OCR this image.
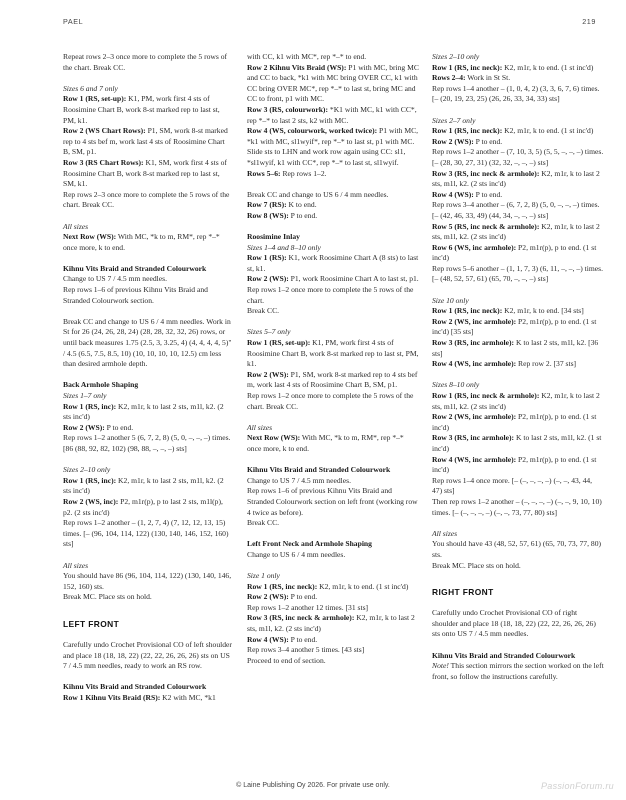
PAEL	219

Repeat rows 2–3 once more to complete the 5 rows of the chart. Break CC.

Sizes 6 and 7 only

Row 1 (RS, set-up): K1, PM, work first 4 sts of Roosimine Chart B, work 8-st marked rep to last st, PM, k1.

Row 2 (WS Chart Rows): P1, SM, work 8-st marked rep to 4 sts bef m, work last 4 sts of Roosimine Chart B, SM, p1.

Row 3 (RS Chart Rows): K1, SM, work first 4 sts of Roosimine Chart B, work 8-st marked rep to last st, SM, k1.

Rep rows 2–3 once more to complete the 5 rows of the chart. Break CC.

All sizes

Next Row (WS): With MC, *k to m, RM*, rep *–* once more, k to end.

Kihnu Vits Braid and Stranded Colourwork

Change to US 7 / 4.5 mm needles.

Rep rows 1–6 of previous Kihnu Vits Braid and Stranded Colourwork section.

Break CC and change to US 6 / 4 mm needles. Work in St for 26 (24, 26, 28, 24) (28, 28, 32, 32, 26) rows, or until back measures 1.75 (2.5, 3, 3.25, 4) (4, 4, 4, 4, 5)" / 4.5 (6.5, 7.5, 8.5, 10) (10, 10, 10, 10, 12.5) cm less than desired armhole depth.

Back Armhole Shaping

Sizes 1–7 only

Row 1 (RS, inc): K2, m1r, k to last 2 sts, m1l, k2. (2 sts inc'd)

Row 2 (WS): P to end.

Rep rows 1–2 another 5 (6, 7, 2, 8) (5, 0, –, –, –) times. [86 (88, 92, 82, 102) (98, 88, –, –, –) sts]

Sizes 2–10 only

Row 1 (RS, inc): K2, m1r, k to last 2 sts, m1l, k2. (2 sts inc'd)

Row 2 (WS, inc): P2, m1r(p), p to last 2 sts, m1l(p), p2. (2 sts inc'd)

Rep rows 1–2 another – (1, 2, 7, 4) (7, 12, 12, 13, 15) times. [– (96, 104, 114, 122) (130, 140, 146, 152, 160) sts]

All sizes

You should have 86 (96, 104, 114, 122) (130, 140, 146, 152, 160) sts.

Break MC. Place sts on hold.

LEFT FRONT

Carefully undo Crochet Provisional CO of left shoulder and place 18 (18, 18, 22) (22, 22, 26, 26, 26) sts on US 7 / 4.5 mm needles, ready to work an RS row.

Kihnu Vits Braid and Stranded Colourwork

Row 1 Kihnu Vits Braid (RS): K2 with MC, *k1

with CC, k1 with MC*, rep *–* to end.

Row 2 Kihnu Vits Braid (WS): P1 with MC, bring MC and CC to back, *k1 with MC bring OVER CC, k1 with CC bring OVER MC*, rep *–* to last st, bring MC and CC to front, p1 with MC.

Row 3 (RS, colourwork): *K1 with MC, k1 with CC*, rep *–* to last 2 sts, k2 with MC.

Row 4 (WS, colourwork, worked twice): P1 with MC, *k1 with MC, sl1wyif*, rep *–* to last st, p1 with MC. Slide sts to LHN and work row again using CC: sl1, *sl1wyif, k1 with CC*, rep *–* to last st, sl1wyif.

Rows 5–6: Rep rows 1–2.

Break CC and change to US 6 / 4 mm needles.

Row 7 (RS): K to end.

Row 8 (WS): P to end.

Roosimine Inlay

Sizes 1–4 and 8–10 only

Row 1 (RS): K1, work Roosimine Chart A (8 sts) to last st, k1.

Row 2 (WS): P1, work Roosimine Chart A to last st, p1.

Rep rows 1–2 once more to complete the 5 rows of the chart.

Break CC.

Sizes 5–7 only

Row 1 (RS, set-up): K1, PM, work first 4 sts of Roosimine Chart B, work 8-st marked rep to last st, PM, k1.

Row 2 (WS): P1, SM, work 8-st marked rep to 4 sts bef m, work last 4 sts of Roosimine Chart B, SM, p1.

Rep rows 1–2 once more to complete the 5 rows of the chart. Break CC.

All sizes

Next Row (WS): With MC, *k to m, RM*, rep *–* once more, k to end.

Kihnu Vits Braid and Stranded Colourwork

Change to US 7 / 4.5 mm needles.

Rep rows 1–6 of previous Kihnu Vits Braid and Stranded Colourwork section on left front (working row 4 twice as before).

Break CC.

Left Front Neck and Armhole Shaping

Change to US 6 / 4 mm needles.

Size 1 only

Row 1 (RS, inc neck): K2, m1r, k to end. (1 st inc'd)

Row 2 (WS): P to end.

Rep rows 1–2 another 12 times. [31 sts]

Row 3 (RS, inc neck & armhole): K2, m1r, k to last 2 sts, m1l, k2. (2 sts inc'd)

Row 4 (WS): P to end.

Rep rows 3–4 another 5 times. [43 sts]

Proceed to end of section.

Sizes 2–10 only

Row 1 (RS, inc neck): K2, m1r, k to end. (1 st inc'd)

Rows 2–4: Work in St St.

Rep rows 1–4 another – (1, 0, 4, 2) (3, 3, 6, 7, 6) times. [– (20, 19, 23, 25) (26, 26, 33, 34, 33) sts]

Sizes 2–7 only

Row 1 (RS, inc neck): K2, m1r, k to end. (1 st inc'd)

Row 2 (WS): P to end.

Rep rows 1–2 another – (7, 10, 3, 5) (5, 5, –, –, –) times. [– (28, 30, 27, 31) (32, 32, –, –, –) sts]

Row 3 (RS, inc neck & armhole): K2, m1r, k to last 2 sts, m1l, k2. (2 sts inc'd)

Row 4 (WS): P to end.

Rep rows 3–4 another – (6, 7, 2, 8) (5, 0, –, –, –) times. [– (42, 46, 33, 49) (44, 34, –, –, –) sts]

Row 5 (RS, inc neck & armhole): K2, m1r, k to last 2 sts, m1l, k2. (2 sts inc'd)

Row 6 (WS, inc armhole): P2, m1r(p), p to end. (1 st inc'd)

Rep rows 5–6 another – (1, 1, 7, 3) (6, 11, –, –, –) times. [– (48, 52, 57, 61) (65, 70, –, –, –) sts]

Size 10 only

Row 1 (RS, inc neck): K2, m1r, k to end. [34 sts]

Row 2 (WS, inc armhole): P2, m1r(p), p to end. (1 st inc'd) [35 sts]

Row 3 (RS, inc armhole): K to last 2 sts, m1l, k2. [36 sts]

Row 4 (WS, inc armhole): Rep row 2. [37 sts]

Sizes 8–10 only

Row 1 (RS, inc neck & armhole): K2, m1r, k to last 2 sts, m1l, k2. (2 sts inc'd)

Row 2 (WS, inc armhole): P2, m1r(p), p to end. (1 st inc'd)

Row 3 (RS, inc armhole): K to last 2 sts, m1l, k2. (1 st inc'd)

Row 4 (WS, inc armhole): P2, m1r(p), p to end. (1 st inc'd)

Rep rows 1–4 once more. [– (–, –, –, –) (–, –, 43, 44, 47) sts]

Then rep rows 1–2 another – (–, –, –, –) (–, –, 9, 10, 10) times. [– (–, –, –, –) (–, –, 73, 77, 80) sts]

All sizes

You should have 43 (48, 52, 57, 61) (65, 70, 73, 77, 80) sts.

Break MC. Place sts on hold.

RIGHT FRONT

Carefully undo Crochet Provisional CO of right shoulder and place 18 (18, 18, 22) (22, 22, 26, 26, 26) sts onto US 7 / 4.5 mm needles.

Kihnu Vits Braid and Stranded Colourwork

Note! This section mirrors the section worked on the left front, so follow the instructions carefully.

© Laine Publishing Oy 2026. For private use only.	PassionForum.ru
